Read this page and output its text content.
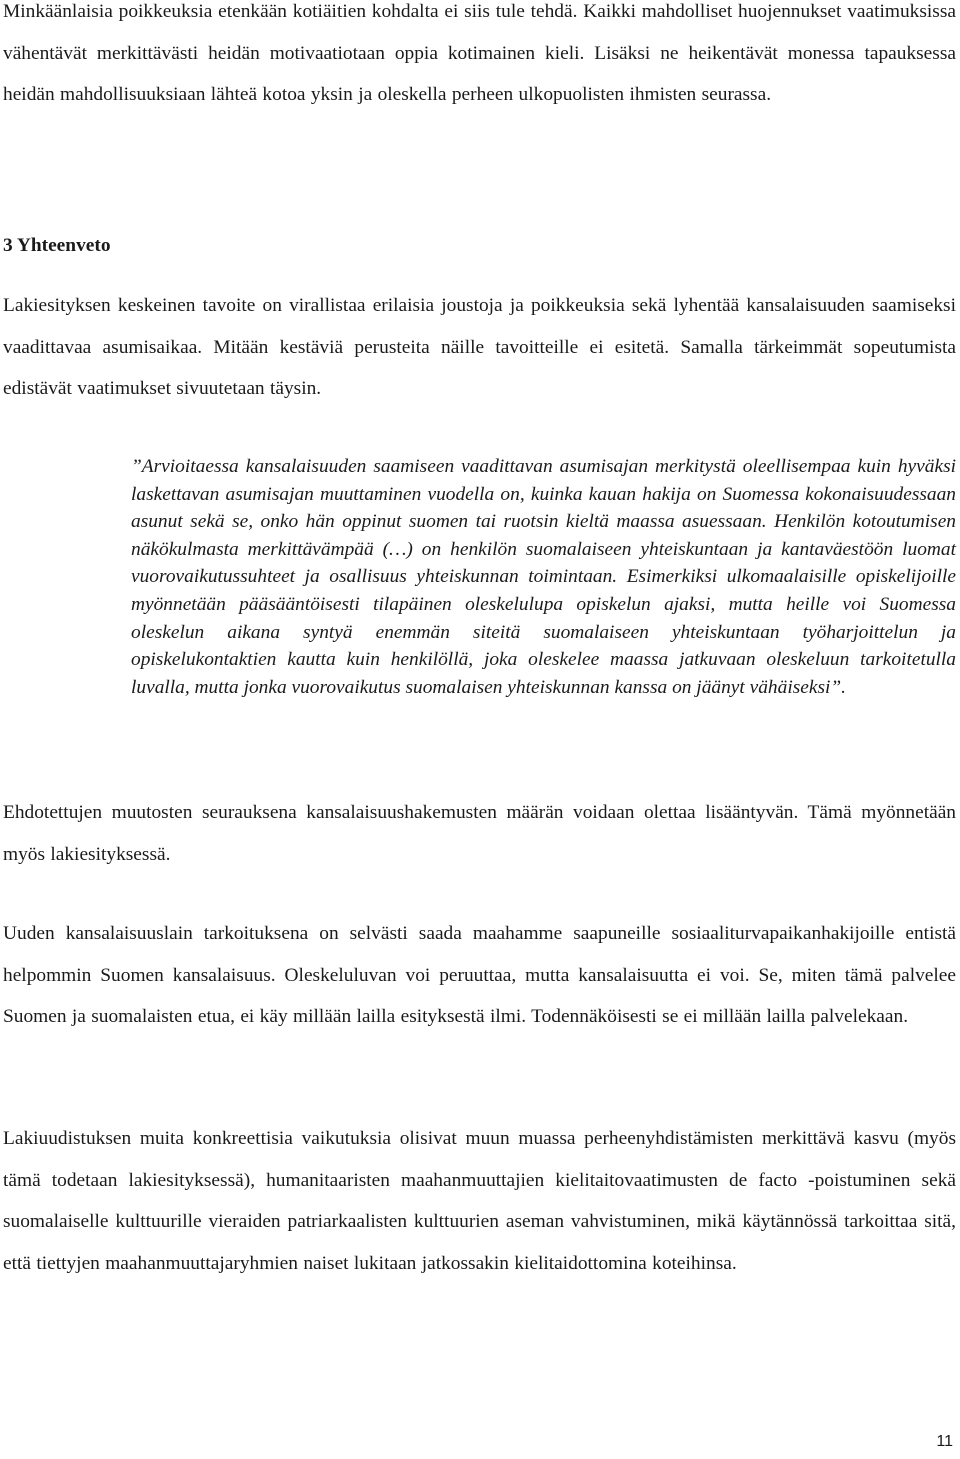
Minkäänlaisia poikkeuksia etenkään kotiäitien kohdalta ei siis tule tehdä. Kaikki mahdolliset huojennukset vaatimuksissa vähentävät merkittävästi heidän motivaatiotaan oppia kotimainen kieli. Lisäksi ne heikentävät monessa tapauksessa heidän mahdollisuuksiaan lähteä kotoa yksin ja oleskella perheen ulkopuolisten ihmisten seurassa.

3 Yhteenveto

Lakiesityksen keskeinen tavoite on virallistaa erilaisia joustoja ja poikkeuksia sekä lyhentää kansalaisuuden saamiseksi vaadittavaa asumisaikaa. Mitään kestäviä perusteita näille tavoitteille ei esitetä. Samalla tärkeimmät sopeutumista edistävät vaatimukset sivuutetaan täysin.

”Arvioitaessa kansalaisuuden saamiseen vaadittavan asumisajan merkitystä oleellisempaa kuin hyväksi laskettavan asumisajan muuttaminen vuodella on, kuinka kauan hakija on Suomessa kokonaisuudessaan asunut sekä se, onko hän oppinut suomen tai ruotsin kieltä maassa asuessaan. Henkilön kotoutumisen näkökulmasta merkittävämpää (…) on henkilön suomalaiseen yhteiskuntaan ja kantaväestöön luomat vuorovaikutussuhteet ja osallisuus yhteiskunnan toimintaan. Esimerkiksi ulkomaalaisille opiskelijoille myönnetään pääsääntöisesti tilapäinen oleskelulupa opiskelun ajaksi, mutta heille voi Suomessa oleskelun aikana syntyä enemmän siteitä suomalaiseen yhteiskuntaan työharjoittelun ja opiskelukontaktien kautta kuin henkilöllä, joka oleskelee maassa jatkuvaan oleskeluun tarkoitetulla luvalla, mutta jonka vuorovaikutus suomalaisen yhteiskunnan kanssa on jäänyt vähäiseksi”.

Ehdotettujen muutosten seurauksena kansalaisuushakemusten määrän voidaan olettaa lisääntyvän. Tämä myönnetään myös lakiesityksessä.

Uuden kansalaisuuslain tarkoituksena on selvästi saada maahamme saapuneille sosiaaliturvapaikanhakijoille entistä helpommin Suomen kansalaisuus. Oleskeluluvan voi peruuttaa, mutta kansalaisuutta ei voi. Se, miten tämä palvelee Suomen ja suomalaisten etua, ei käy millään lailla esityksestä ilmi. Todennäköisesti se ei millään lailla palvelekaan.

Lakiuudistuksen muita konkreettisia vaikutuksia olisivat muun muassa perheenyhdistämisten merkittävä kasvu (myös tämä todetaan lakiesityksessä), humanitaaristen maahanmuuttajien kielitaitovaatimusten de facto -poistuminen sekä suomalaiselle kulttuurille vieraiden patriarkaalisten kulttuurien aseman vahvistuminen, mikä käytännössä tarkoittaa sitä, että tiettyjen maahanmuuttajaryhmien naiset lukitaan jatkossakin kielitaidottomina koteihinsa.

11
